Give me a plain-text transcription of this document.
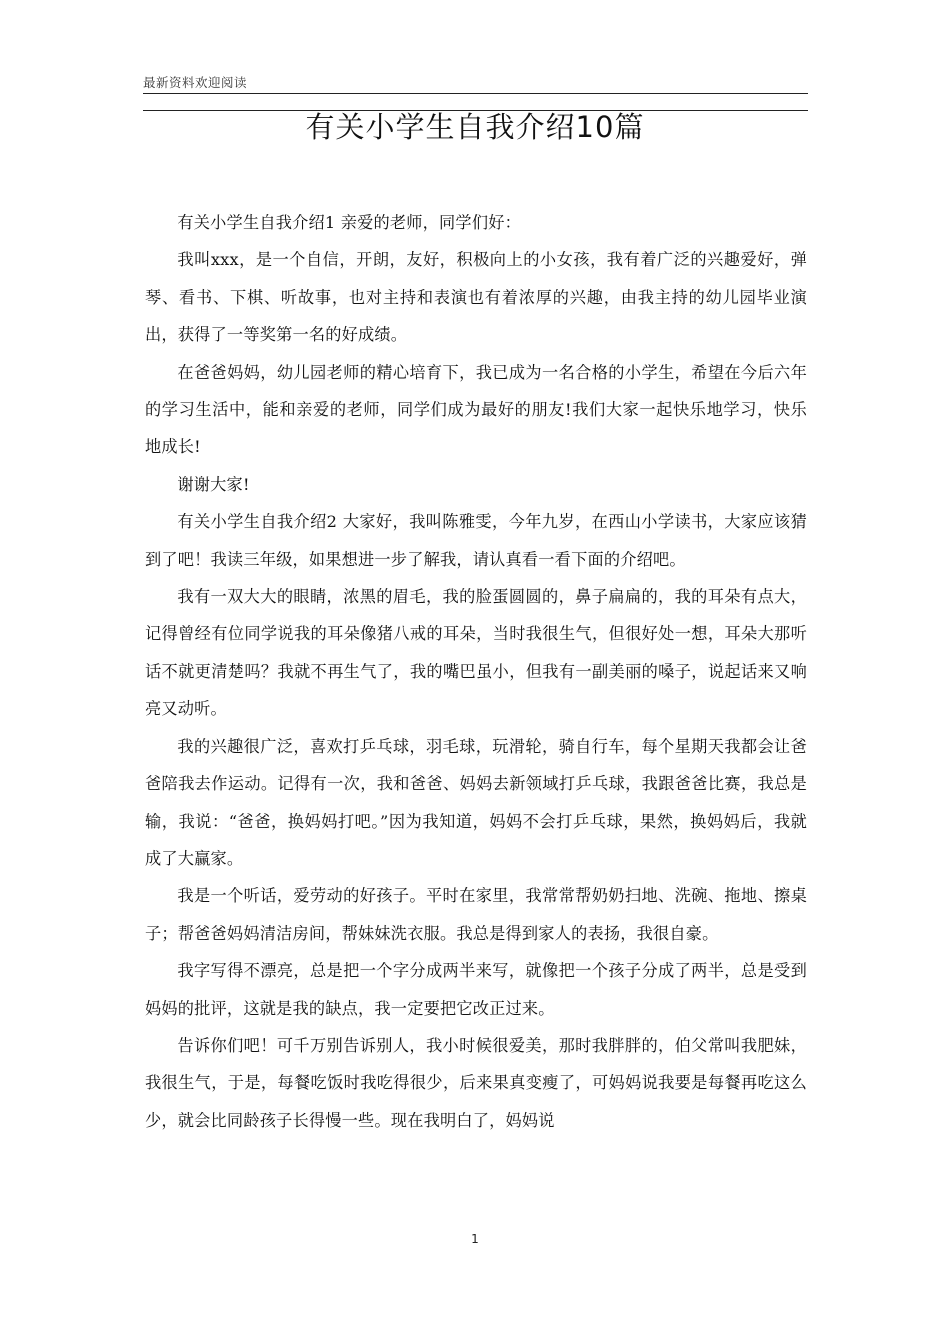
最新资料欢迎阅读
有关小学生自我介绍10篇

有关小学生自我介绍1 亲爱的老师，同学们好：

我叫xxx，是一个自信，开朗，友好，积极向上的小女孩，我有着广泛的兴趣爱好，弹琴、看书、下棋、听故事，也对主持和表演也有着浓厚的兴趣，由我主持的幼儿园毕业演出，获得了一等奖第一名的好成绩。

在爸爸妈妈，幼儿园老师的精心培育下，我已成为一名合格的小学生，希望在今后六年的学习生活中，能和亲爱的老师，同学们成为最好的朋友!我们大家一起快乐地学习，快乐地成长!

谢谢大家!

有关小学生自我介绍2 大家好，我叫陈雅雯，今年九岁，在西山小学读书，大家应该猜到了吧！我读三年级，如果想进一步了解我，请认真看一看下面的介绍吧。

我有一双大大的眼睛，浓黑的眉毛，我的脸蛋圆圆的，鼻子扁扁的，我的耳朵有点大，记得曾经有位同学说我的耳朵像猪八戒的耳朵，当时我很生气，但很好处一想，耳朵大那听话不就更清楚吗？我就不再生气了，我的嘴巴虽小，但我有一副美丽的嗓子，说起话来又响亮又动听。

我的兴趣很广泛，喜欢打乒乓球，羽毛球，玩滑轮，骑自行车，每个星期天我都会让爸爸陪我去作运动。记得有一次，我和爸爸、妈妈去新领域打乒乓球，我跟爸爸比赛，我总是输，我说：“爸爸，换妈妈打吧。”因为我知道，妈妈不会打乒乓球，果然，换妈妈后，我就成了大赢家。

我是一个听话，爱劳动的好孩子。平时在家里，我常常帮奶奶扫地、洗碗、拖地、擦桌子；帮爸爸妈妈清洁房间，帮妹妹洗衣服。我总是得到家人的表扬，我很自豪。

我字写得不漂亮，总是把一个字分成两半来写，就像把一个孩子分成了两半，总是受到妈妈的批评，这就是我的缺点，我一定要把它改正过来。

告诉你们吧！可千万别告诉别人，我小时候很爱美，那时我胖胖的，伯父常叫我肥妹，我很生气，于是，每餐吃饭时我吃得很少，后来果真变瘦了，可妈妈说我要是每餐再吃这么少，就会比同龄孩子长得慢一些。现在我明白了，妈妈说

1
